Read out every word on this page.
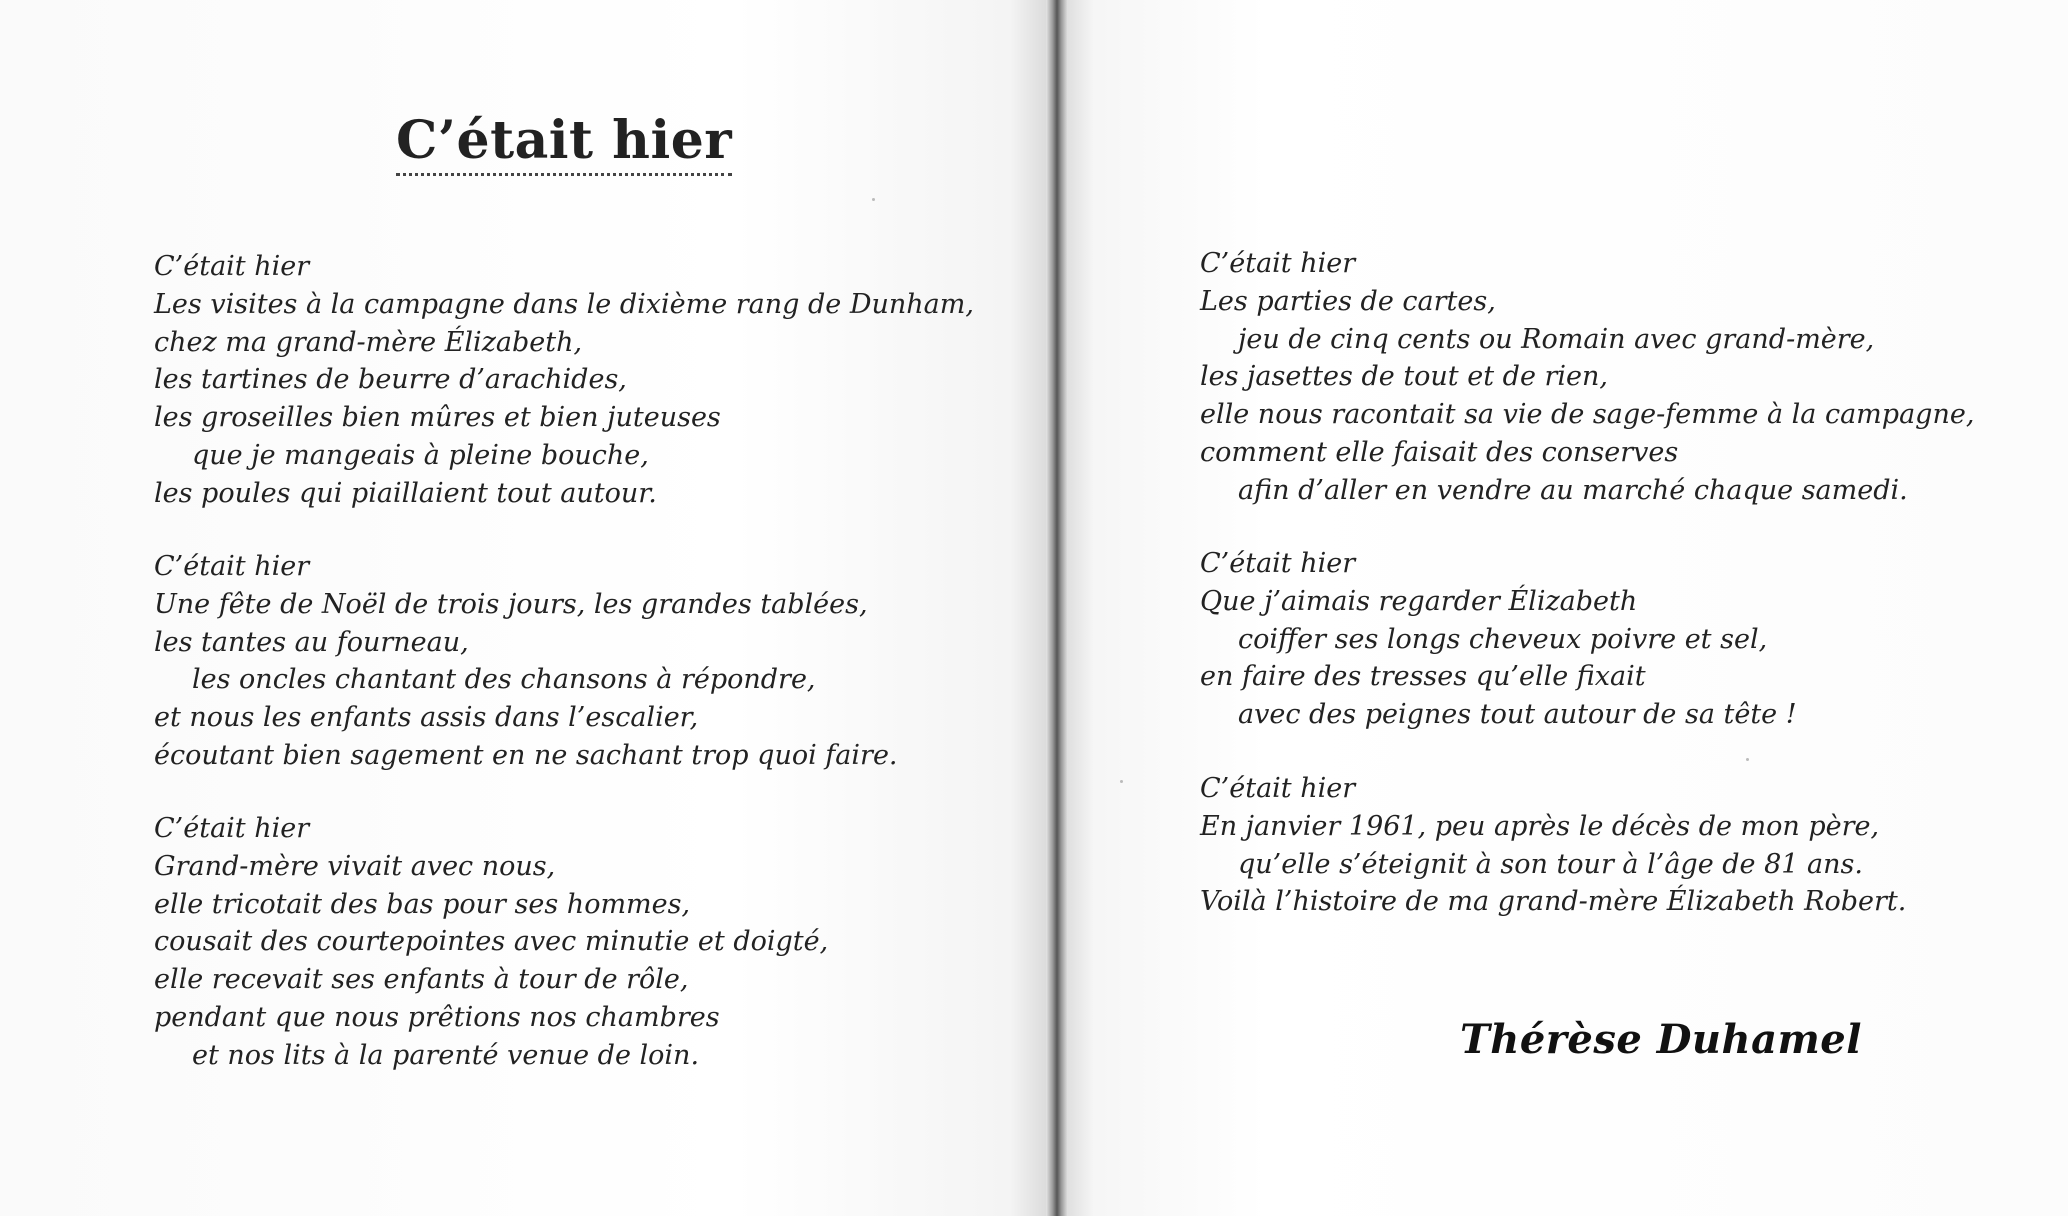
C’était hier
C’était hier
Les visites à la campagne dans le dixième rang de Dunham,
chez ma grand-mère Élizabeth,
les tartines de beurre d’arachides,
les groseilles bien mûres et bien juteuses
que je mangeais à pleine bouche,
les poules qui piaillaient tout autour.
C’était hier
Une fête de Noël de trois jours, les grandes tablées,
les tantes au fourneau,
les oncles chantant des chansons à répondre,
et nous les enfants assis dans l’escalier,
écoutant bien sagement en ne sachant trop quoi faire.
C’était hier
Grand-mère vivait avec nous,
elle tricotait des bas pour ses hommes,
cousait des courtepointes avec minutie et doigté,
elle recevait ses enfants à tour de rôle,
pendant que nous prêtions nos chambres
et nos lits à la parenté venue de loin.
C’était hier
Les parties de cartes,
jeu de cinq cents ou Romain avec grand-mère,
les jasettes de tout et de rien,
elle nous racontait sa vie de sage-femme à la campagne,
comment elle faisait des conserves
afin d’aller en vendre au marché chaque samedi.
C’était hier
Que j’aimais regarder Élizabeth
coiffer ses longs cheveux poivre et sel,
en faire des tresses qu’elle fixait
avec des peignes tout autour de sa tête !
C’était hier
En janvier 1961, peu après le décès de mon père,
qu’elle s’éteignit à son tour à l’âge de 81 ans.
Voilà l’histoire de ma grand-mère Élizabeth Robert.
Thérèse Duhamel
